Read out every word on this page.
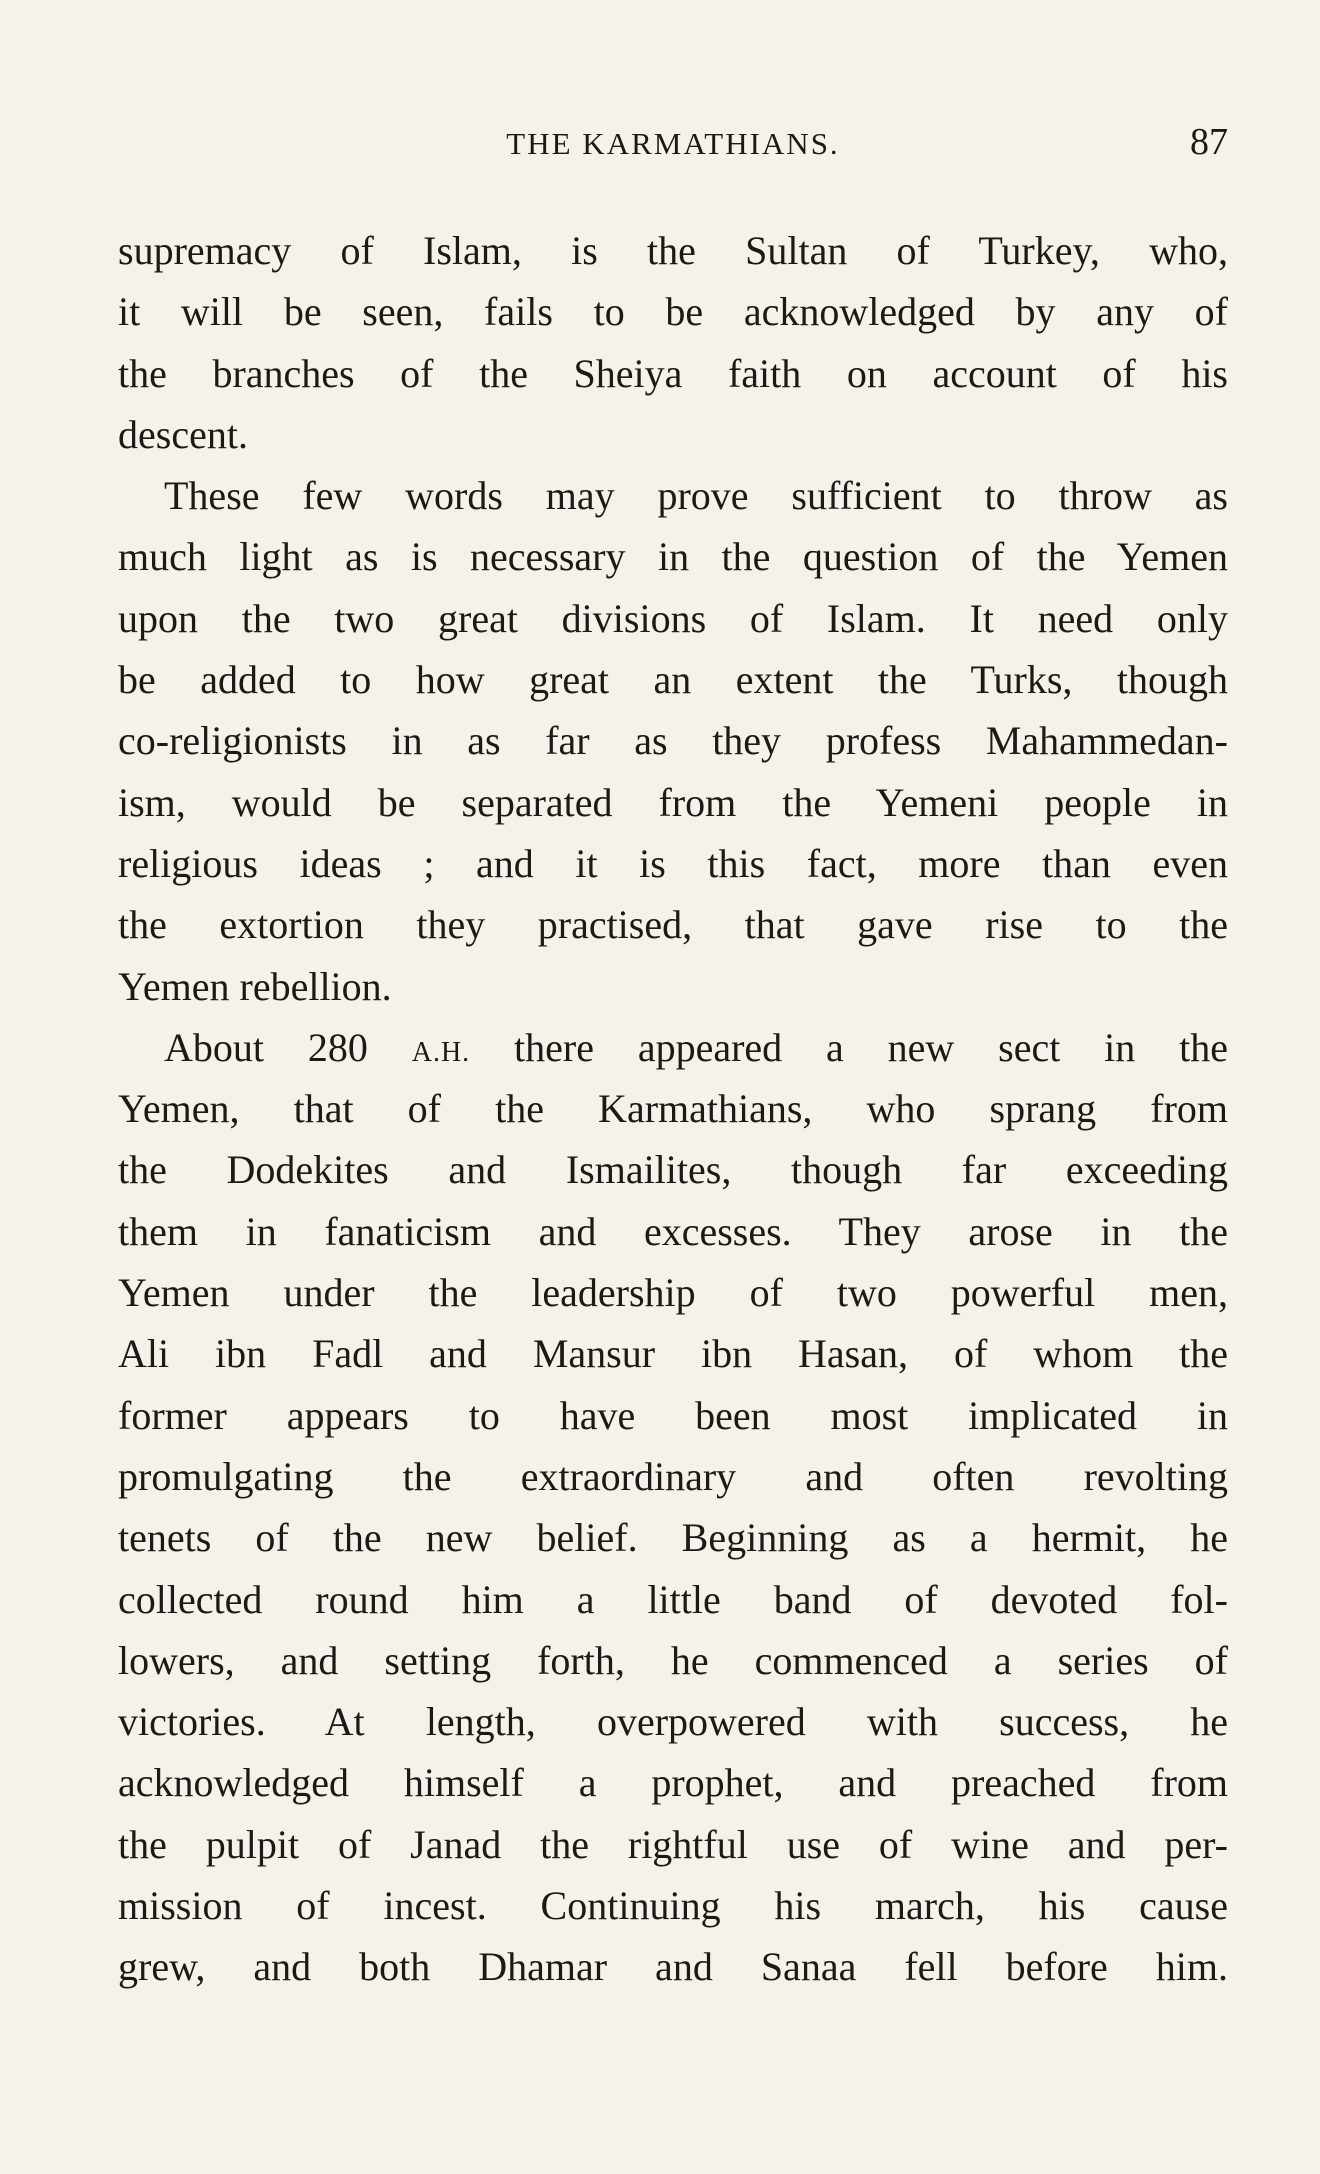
THE KARMATHIANS.	87
supremacy of Islam, is the Sultan of Turkey, who,
it will be seen, fails to be acknowledged by any of
the branches of the Sheiya faith on account of his
descent.
These few words may prove sufficient to throw as
much light as is necessary in the question of the Yemen
upon the two great divisions of Islam. It need only
be added to how great an extent the Turks, though
co-religionists in as far as they profess Mahammedan-
ism, would be separated from the Yemeni people in
religious ideas ; and it is this fact, more than even
the extortion they practised, that gave rise to the
Yemen rebellion.
About 280 A.H. there appeared a new sect in the
Yemen, that of the Karmathians, who sprang from
the Dodekites and Ismailites, though far exceeding
them in fanaticism and excesses. They arose in the
Yemen under the leadership of two powerful men,
Ali ibn Fadl and Mansur ibn Hasan, of whom the
former appears to have been most implicated in
promulgating the extraordinary and often revolting
tenets of the new belief. Beginning as a hermit, he
collected round him a little band of devoted fol-
lowers, and setting forth, he commenced a series of
victories. At length, overpowered with success, he
acknowledged himself a prophet, and preached from
the pulpit of Janad the rightful use of wine and per-
mission of incest. Continuing his march, his cause
grew, and both Dhamar and Sanaa fell before him.
